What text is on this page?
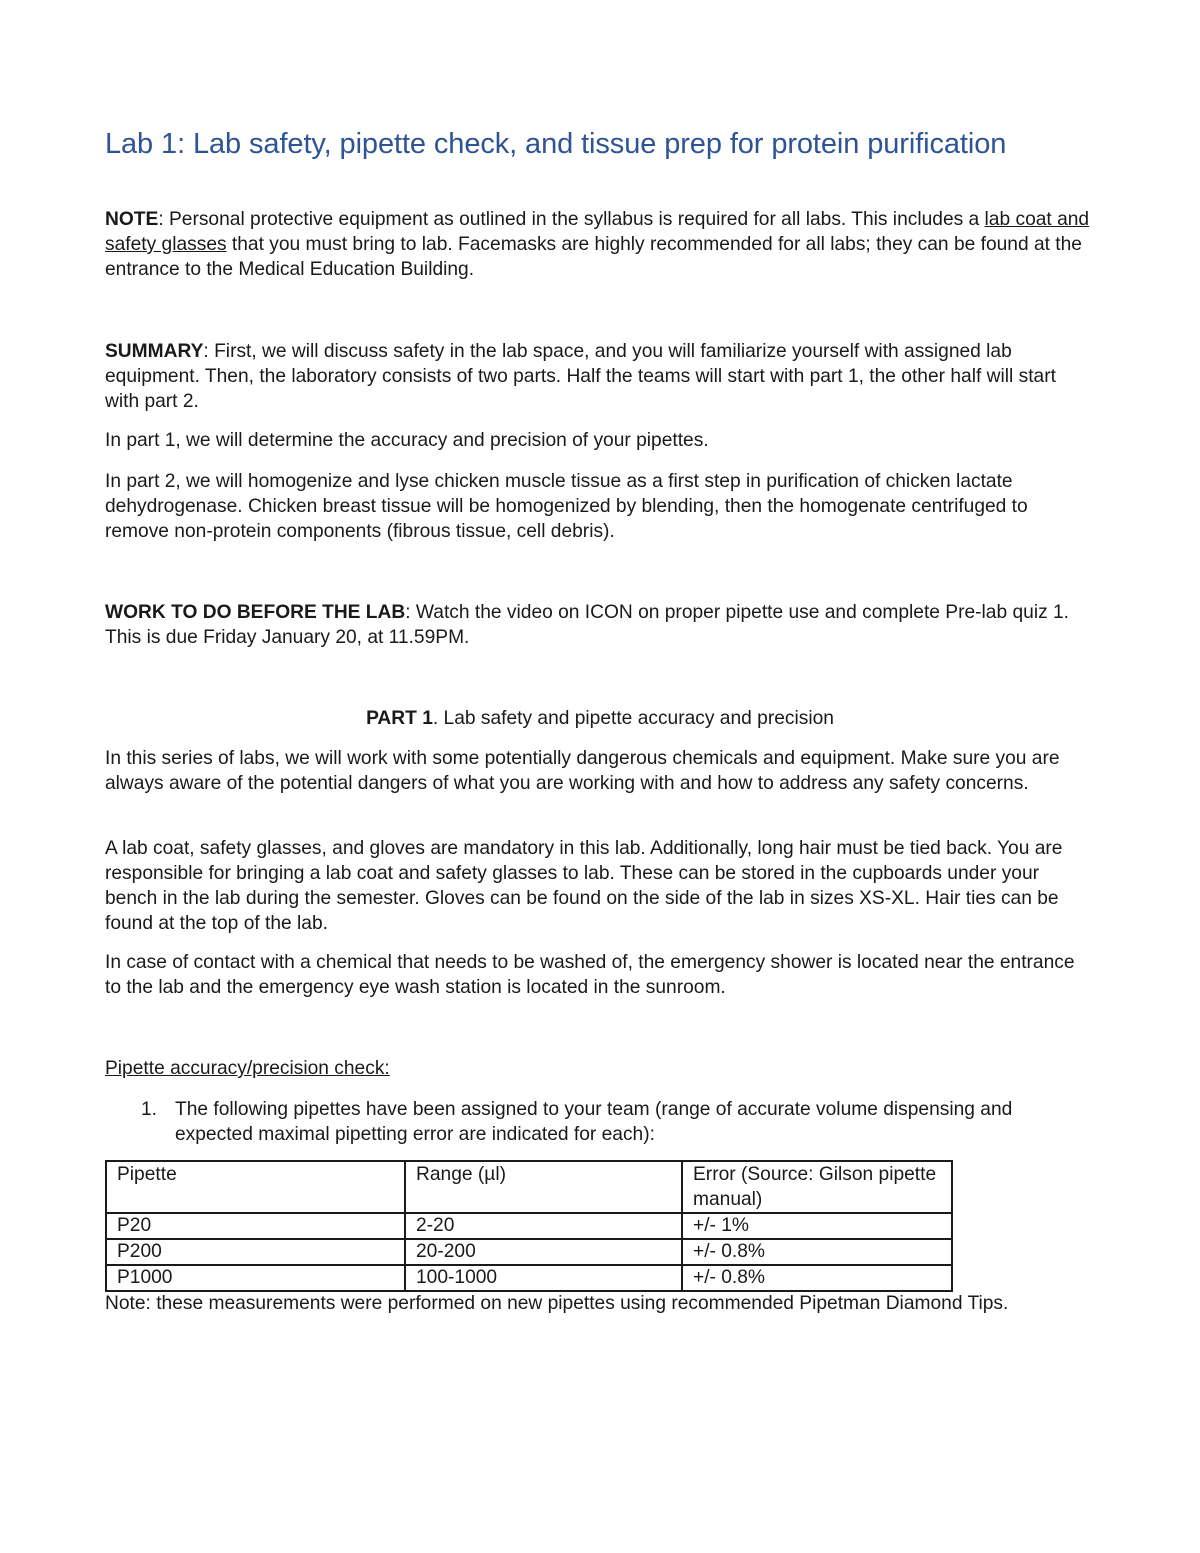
Lab 1: Lab safety, pipette check, and tissue prep for protein purification

NOTE: Personal protective equipment as outlined in the syllabus is required for all labs. This includes a lab coat and safety glasses that you must bring to lab. Facemasks are highly recommended for all labs; they can be found at the entrance to the Medical Education Building.

SUMMARY: First, we will discuss safety in the lab space, and you will familiarize yourself with assigned lab equipment. Then, the laboratory consists of two parts. Half the teams will start with part 1, the other half will start with part 2.

In part 1, we will determine the accuracy and precision of your pipettes.

In part 2, we will homogenize and lyse chicken muscle tissue as a first step in purification of chicken lactate dehydrogenase. Chicken breast tissue will be homogenized by blending, then the homogenate centrifuged to remove non-protein components (fibrous tissue, cell debris).

WORK TO DO BEFORE THE LAB: Watch the video on ICON on proper pipette use and complete Pre-lab quiz 1. This is due Friday January 20, at 11.59PM.

PART 1. Lab safety and pipette accuracy and precision

In this series of labs, we will work with some potentially dangerous chemicals and equipment. Make sure you are always aware of the potential dangers of what you are working with and how to address any safety concerns.

A lab coat, safety glasses, and gloves are mandatory in this lab. Additionally, long hair must be tied back. You are responsible for bringing a lab coat and safety glasses to lab. These can be stored in the cupboards under your bench in the lab during the semester. Gloves can be found on the side of the lab in sizes XS-XL. Hair ties can be found at the top of the lab.

In case of contact with a chemical that needs to be washed of, the emergency shower is located near the entrance to the lab and the emergency eye wash station is located in the sunroom.

Pipette accuracy/precision check:

1. The following pipettes have been assigned to your team (range of accurate volume dispensing and expected maximal pipetting error are indicated for each):
Pipette	Range (µl)	Error (Source: Gilson pipette manual)
P20	2-20	+/- 1%
P200	20-200	+/- 0.8%
P1000	100-1000	+/- 0.8%

Note: these measurements were performed on new pipettes using recommended Pipetman Diamond Tips.
